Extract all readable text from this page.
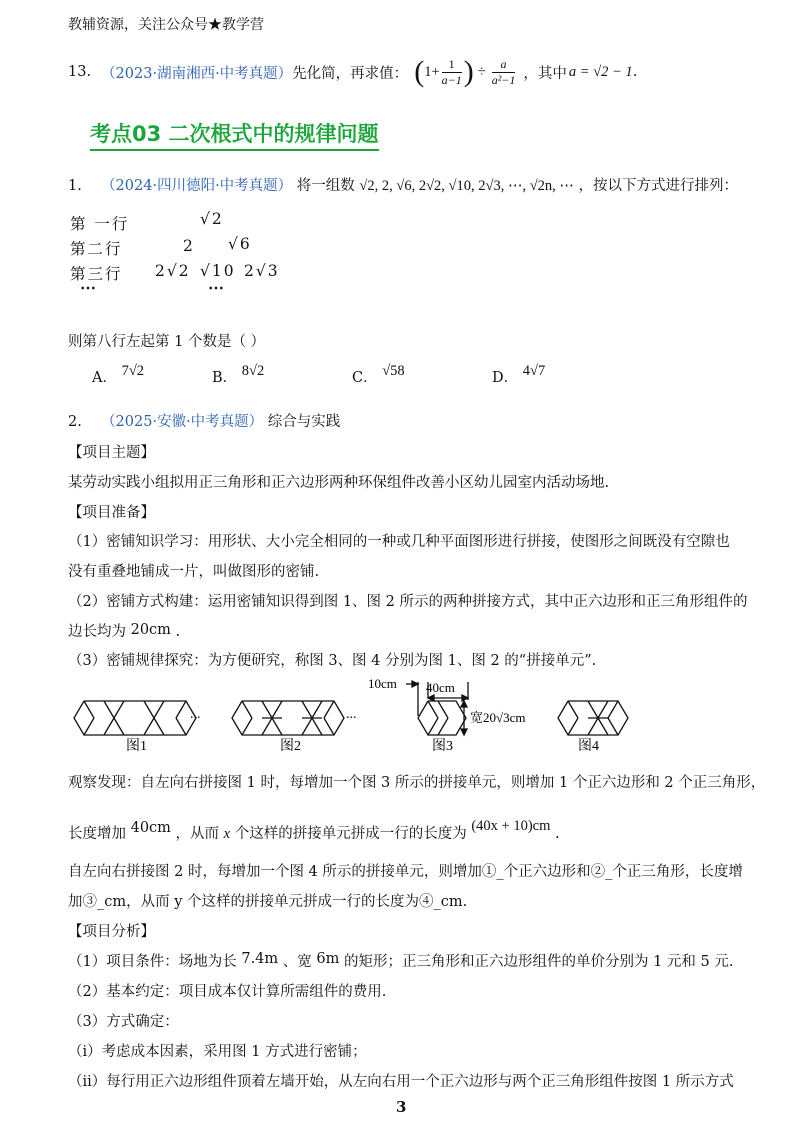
教辅资源，关注公众号★教学营
13. （2023·湖南湘西·中考真题） 先化简，再求值： ( 1+ 1
a−1 ) ÷ a
a²−1 ，其中 a = √2 − 1 .
考点03 二次根式中的规律问题
1. （2024·四川德阳·中考真题） 将一组数 √2, 2, √6, 2√2, √10, 2√3, ⋯, √2n, ⋯ ，按以下方式进行排列：
第 一行	√2
第二行	2 √6
第三行 2√2 √10 2√3
⋯	⋯
则第八行左起第 1 个数是（ ）
A． 7√2	B． 8√2	C． √58	D． 4√7
2. （2025·安徽·中考真题） 综合与实践
【项目主题】
某劳动实践小组拟用正三角形和正六边形两种环保组件改善小区幼儿园室内活动场地.
【项目准备】
（1）密铺知识学习：用形状、大小完全相同的一种或几种平面图形进行拼接，使图形之间既没有空隙也
没有重叠地铺成一片，叫做图形的密铺.
（2）密铺方式构建：运用密铺知识得到图 1、图 2 所示的两种拼接方式，其中正六边形和正三角形组件的
边长均为 20cm .
（3）密铺规律探究：为方便研究，称图 3、图 4 分别为图 1、图 2 的“拼接单元”.
...	...
图1	图2	图3	图4
10cm 40cm
宽20√3cm
观察发现：自左向右拼接图 1 时，每增加一个图 3 所示的拼接单元，则增加 1 个正六边形和 2 个正三角形，
长度增加 40cm ，从而 x 个这样的拼接单元拼成一行的长度为 (40x + 10)cm .
自左向右拼接图 2 时，每增加一个图 4 所示的拼接单元，则增加①_个正六边形和②_个正三角形，长度增
加③_cm，从而 y 个这样的拼接单元拼成一行的长度为④_cm.
【项目分析】
（1）项目条件：场地为长 7.4m 、宽 6m 的矩形；正三角形和正六边形组件的单价分别为 1 元和 5 元.
（2）基本约定：项目成本仅计算所需组件的费用.
（3）方式确定：
（i）考虑成本因素，采用图 1 方式进行密铺；
（ii）每行用正六边形组件顶着左墙开始，从左向右用一个正六边形与两个正三角形组件按图 1 所示方式
3
